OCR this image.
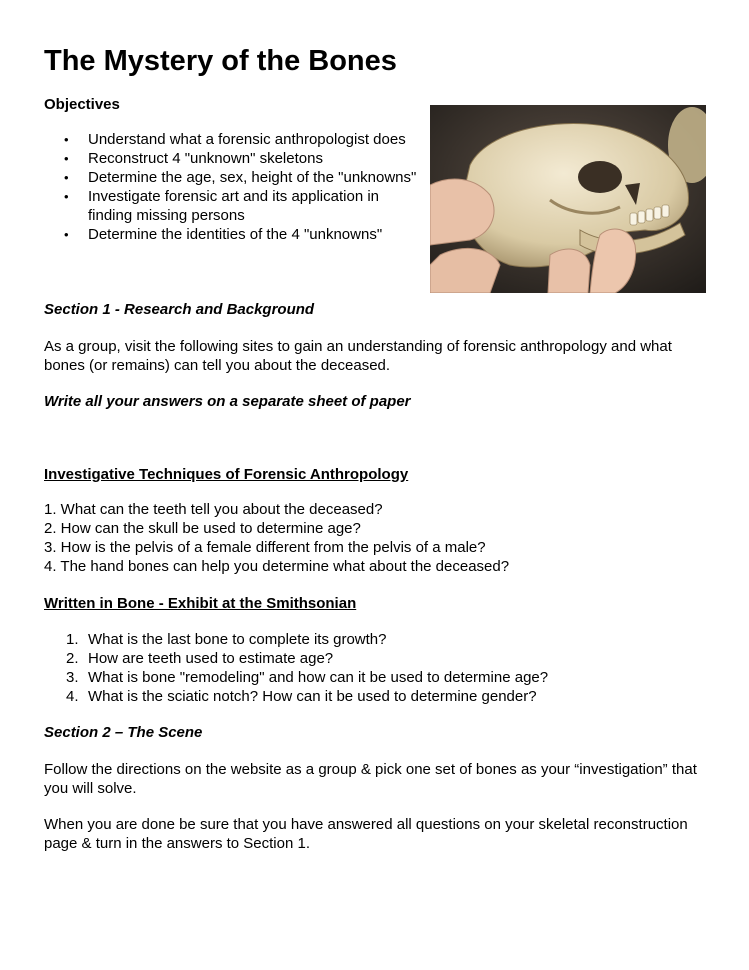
The Mystery of the Bones

Objectives

• Understand what a forensic anthropologist does
• Reconstruct 4 "unknown" skeletons
• Determine the age, sex, height of the "unknowns"
• Investigate forensic art and its application in finding missing persons
• Determine the identities of the 4 "unknowns"

Section 1 - Research and Background

As a group, visit the following sites to gain an understanding of forensic anthropology and what bones (or remains) can tell you about the deceased.

Write all your answers on a separate sheet of paper

Investigative Techniques of Forensic Anthropology

1. What can the teeth tell you about the deceased?
2. How can the skull be used to determine age?
3. How is the pelvis of a female different from the pelvis of a male?
4. The hand bones can help you determine what about the deceased?

Written in Bone - Exhibit at the Smithsonian

1. What is the last bone to complete its growth?
2. How are teeth used to estimate age?
3. What is bone "remodeling" and how can it be used to determine age?
4. What is the sciatic notch? How can it be used to determine gender?

Section 2 – The Scene

Follow the directions on the website as a group & pick one set of bones as your “investigation” that you will solve.

When you are done be sure that you have answered all questions on your skeletal reconstruction page & turn in the answers to Section 1.
